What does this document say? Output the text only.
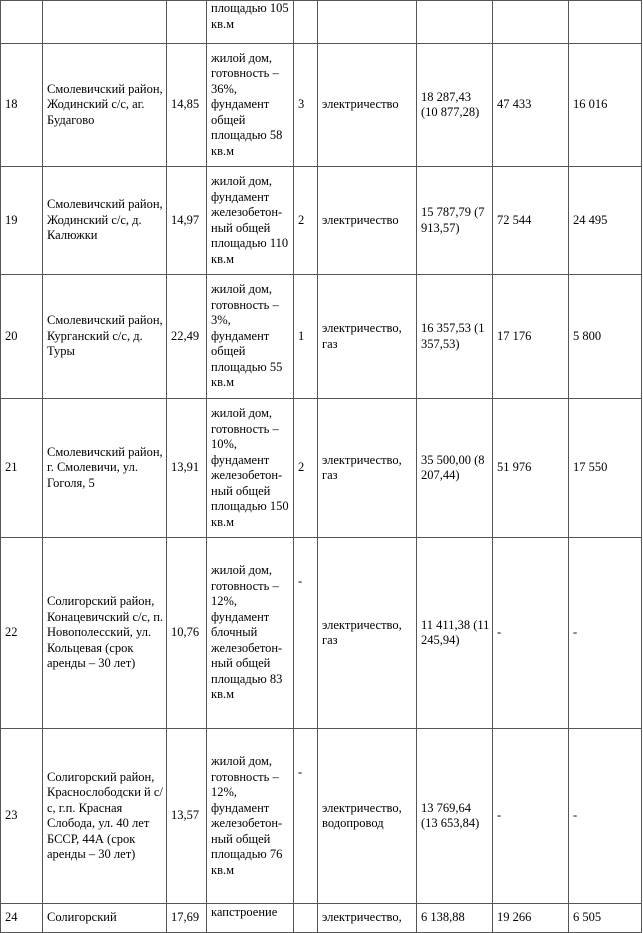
			площадью 105 кв.м					
18	Смолевичский район, Жодинский с/с, аг. Будагово	14,85	жилой дом, готовность – 36%, фундамент общей площадью 58 кв.м	3	электричество	18 287,43 (10 877,28)	47 433	16 016
19	Смолевичский район, Жодинский с/с, д. Калюжки	14,97	жилой дом, фундамент железобетон- ный общей площадью 110 кв.м	2	электричество	15 787,79 (7 913,57)	72 544	24 495
20	Смолевичский район, Курганский с/с, д. Туры	22,49	жилой дом, готовность – 3%, фундамент общей площадью 55 кв.м	1	электричество, газ	16 357,53 (1 357,53)	17 176	5 800
21	Смолевичский район, г. Смолевичи, ул. Гоголя, 5	13,91	жилой дом, готовность – 10%, фундамент железобетон- ный общей площадью 150 кв.м	2	электричество, газ	35 500,00 (8 207,44)	51 976	17 550
22	Солигорский район, Конацевичский с/с, п. Новополесский, ул. Кольцевая (срок аренды – 30 лет)	10,76	жилой дом, готовность – 12%, фундамент блочный железобетон- ный общей площадью 83 кв.м	-	электричество, газ	11 411,38 (11 245,94)	-	-
23	Солигорский район, Краснослободски й с/с, г.п. Красная Слобода, ул. 40 лет БССР, 44А (срок аренды – 30 лет)	13,57	жилой дом, готовность – 12%, фундамент железобетон- ный общей площадью 76 кв.м	-	электричество, водопровод	13 769,64 (13 653,84)	-	-
24	Солигорский	17,69	капстроение		электричество,	6 138,88	19 266	6 505
